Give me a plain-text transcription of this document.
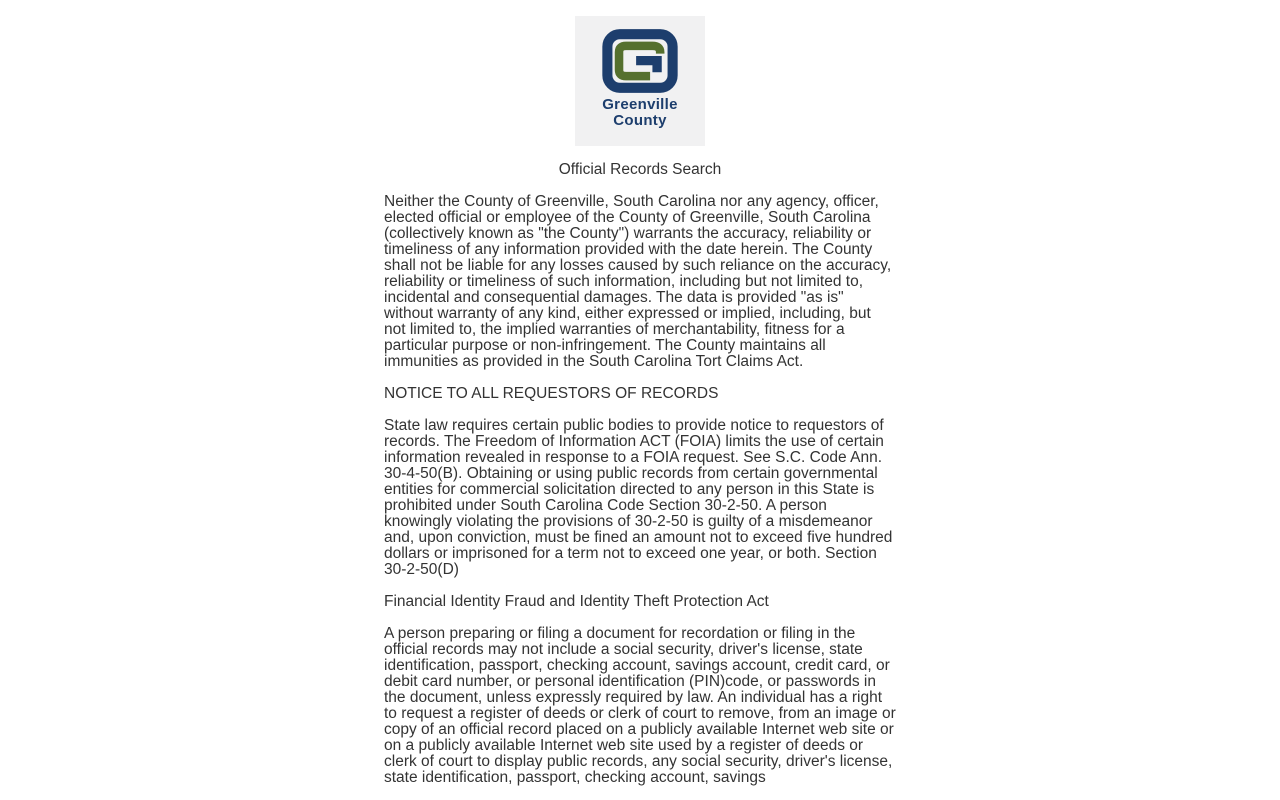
Greenville
County

Official Records Search

Neither the County of Greenville, South Carolina nor any agency, officer, elected official or employee of the County of Greenville, South Carolina (collectively known as "the County") warrants the accuracy, reliability or timeliness of any information provided with the date herein. The County shall not be liable for any losses caused by such reliance on the accuracy, reliability or timeliness of such information, including but not limited to, incidental and consequential damages. The data is provided "as is" without warranty of any kind, either expressed or implied, including, but not limited to, the implied warranties of merchantability, fitness for a particular purpose or non-infringement. The County maintains all immunities as provided in the South Carolina Tort Claims Act.

NOTICE TO ALL REQUESTORS OF RECORDS

State law requires certain public bodies to provide notice to requestors of records. The Freedom of Information ACT (FOIA) limits the use of certain information revealed in response to a FOIA request. See S.C. Code Ann. 30-4-50(B). Obtaining or using public records from certain governmental entities for commercial solicitation directed to any person in this State is prohibited under South Carolina Code Section 30-2-50. A person knowingly violating the provisions of 30-2-50 is guilty of a misdemeanor and, upon conviction, must be fined an amount not to exceed five hundred dollars or imprisoned for a term not to exceed one year, or both. Section 30-2-50(D)

Financial Identity Fraud and Identity Theft Protection Act

A person preparing or filing a document for recordation or filing in the official records may not include a social security, driver's license, state identification, passport, checking account, savings account, credit card, or debit card number, or personal identification (PIN)code, or passwords in the document, unless expressly required by law. An individual has a right to request a register of deeds or clerk of court to remove, from an image or copy of an official record placed on a publicly available Internet web site or on a publicly available Internet web site used by a register of deeds or clerk of court to display public records, any social security, driver's license, state identification, passport, checking account, savings
